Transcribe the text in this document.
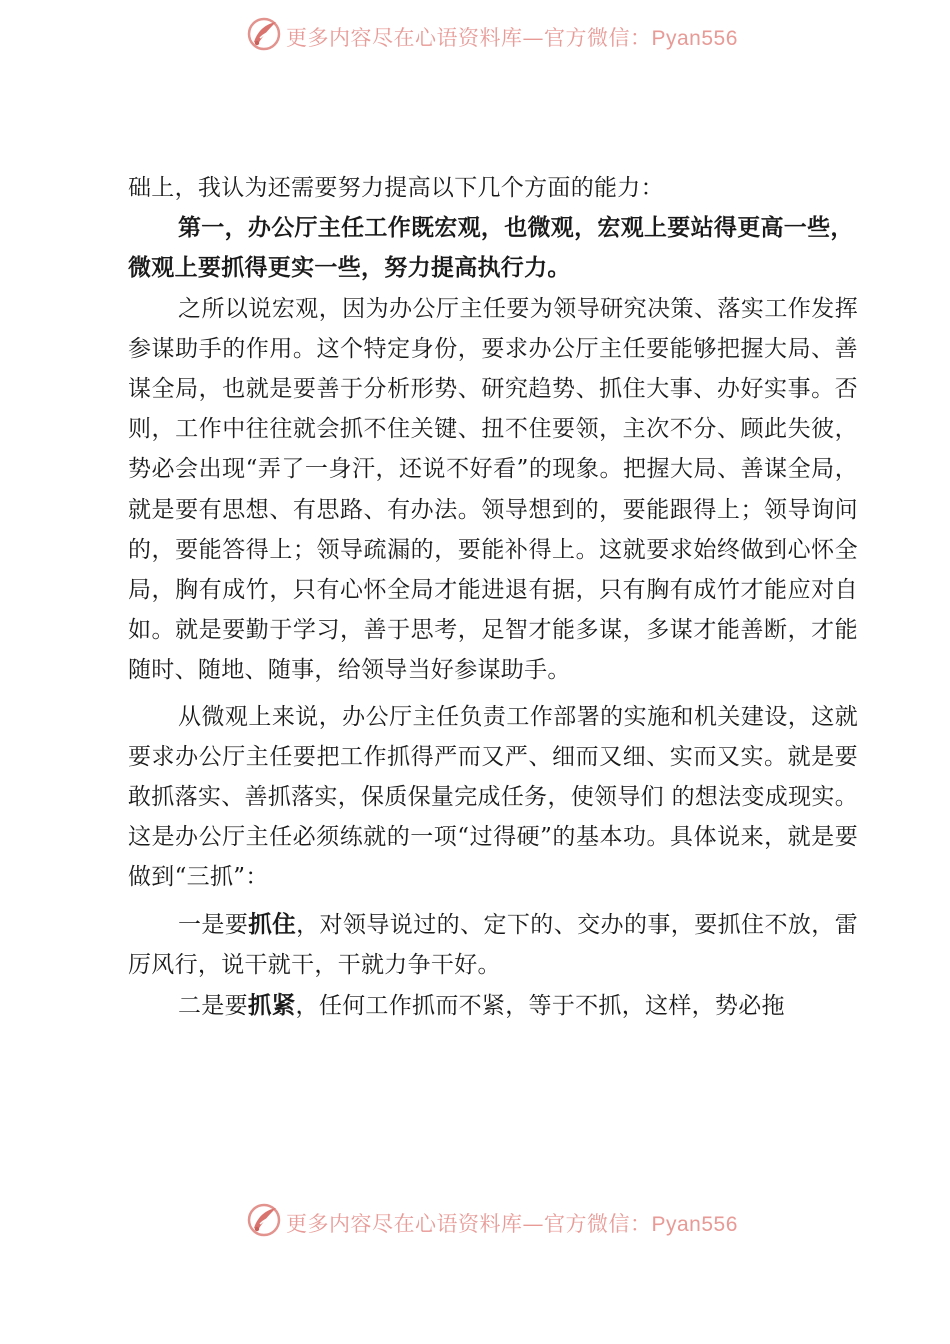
更多内容尽在心语资料库—官方微信：Pyan556

础上，我认为还需要努力提高以下几个方面的能力：

第一，办公厅主任工作既宏观，也微观，宏观上要站得更高一些，微观上要抓得更实一些，努力提高执行力。

之所以说宏观，因为办公厅主任要为领导研究决策、落实工作发挥参谋助手的作用。这个特定身份，要求办公厅主任要能够把握大局、善谋全局，也就是要善于分析形势、研究趋势、抓住大事、办好实事。否则，工作中往往就会抓不住关键、扭不住要领，主次不分、顾此失彼，势必会出现“弄了一身汗，还说不好看”的现象。把握大局、善谋全局，就是要有思想、有思路、有办法。领导想到的，要能跟得上；领导询问的，要能答得上；领导疏漏的，要能补得上。这就要求始终做到心怀全局，胸有成竹，只有心怀全局才能进退有据，只有胸有成竹才能应对自如。就是要勤于学习，善于思考，足智才能多谋，多谋才能善断，才能随时、随地、随事，给领导当好参谋助手。

从微观上来说，办公厅主任负责工作部署的实施和机关建设，这就要求办公厅主任要把工作抓得严而又严、细而又细、实而又实。就是要敢抓落实、善抓落实，保质保量完成任务，使领导们 的想法变成现实。这是办公厅主任必须练就的一项“过得硬”的基本功。具体说来，就是要做到“三抓”：

一是要抓住，对领导说过的、定下的、交办的事，要抓住不放，雷厉风行，说干就干，干就力争干好。

二是要抓紧，任何工作抓而不紧，等于不抓，这样，势必拖

更多内容尽在心语资料库—官方微信：Pyan556
